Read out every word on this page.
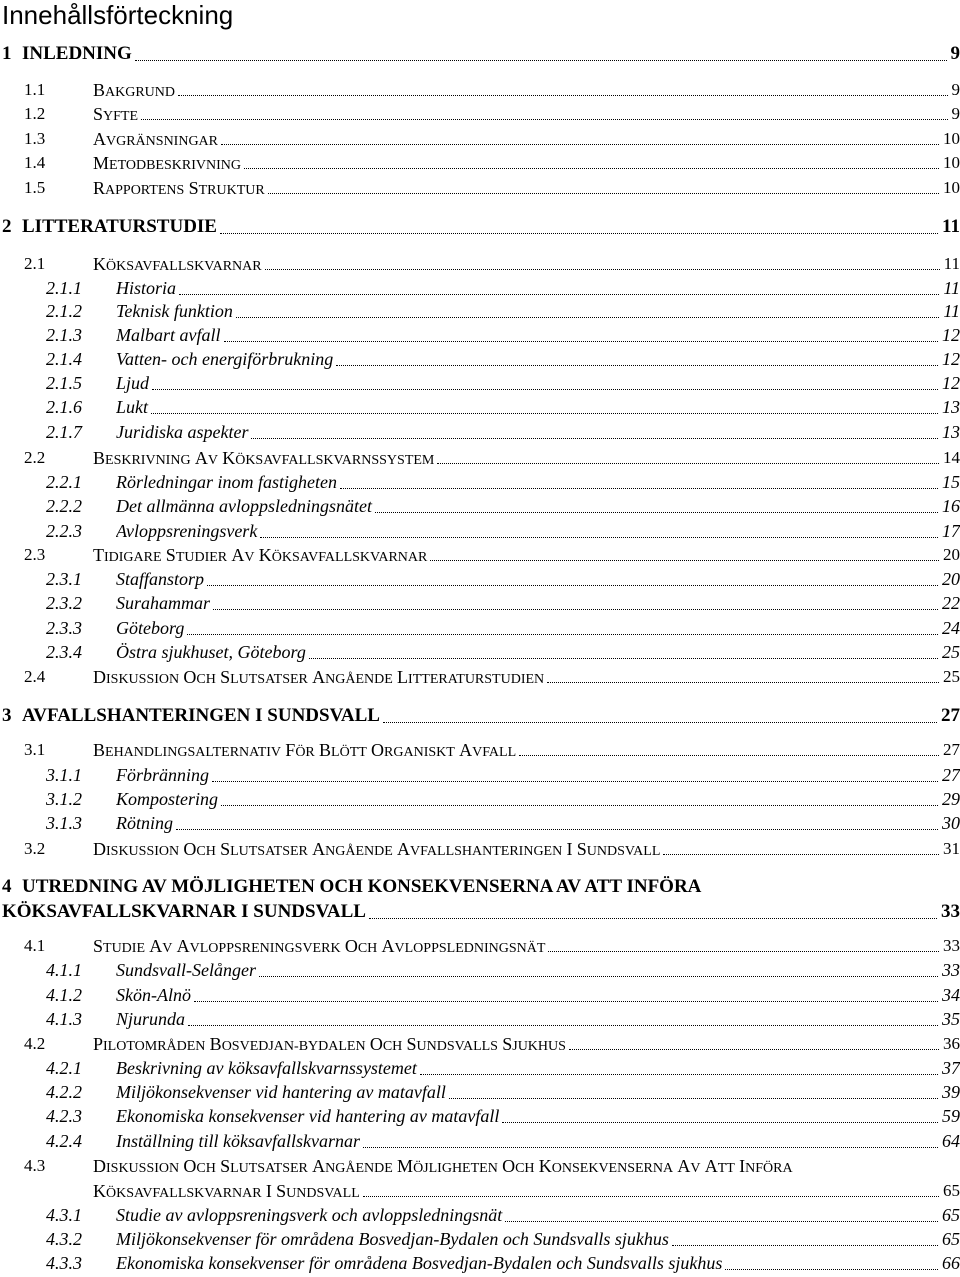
Innehållsförteckning
1 INLEDNING	9
1.1	BAKGRUND	9
1.2	SYFTE	9
1.3	AVGRÄNSNINGAR	10
1.4	METODBESKRIVNING	10
1.5	RAPPORTENS STRUKTUR	10
2 LITTERATURSTUDIE	11
2.1	KÖKSAVFALLSKVARNAR	11
2.1.1 Historia	11
2.1.2 Teknisk funktion	11
2.1.3 Malbart avfall	12
2.1.4 Vatten- och energiförbrukning	12
2.1.5 Ljud	12
2.1.6 Lukt	13
2.1.7 Juridiska aspekter	13
2.2	BESKRIVNING AV KÖKSAVFALLSKVARNSSYSTEM	14
2.2.1 Rörledningar inom fastigheten	15
2.2.2 Det allmänna avloppsledningsnätet	16
2.2.3 Avloppsreningsverk	17
2.3	TIDIGARE STUDIER AV KÖKSAVFALLSKVARNAR	20
2.3.1 Staffanstorp	20
2.3.2 Surahammar	22
2.3.3 Göteborg	24
2.3.4 Östra sjukhuset, Göteborg	25
2.4	DISKUSSION OCH SLUTSATSER ANGÅENDE LITTERATURSTUDIEN	25
3 AVFALLSHANTERINGEN I SUNDSVALL	27
3.1	BEHANDLINGSALTERNATIV FÖR BLÖTT ORGANISKT AVFALL	27
3.1.1 Förbränning	27
3.1.2 Kompostering	29
3.1.3 Rötning	30
3.2	DISKUSSION OCH SLUTSATSER ANGÅENDE AVFALLSHANTERINGEN I SUNDSVALL	31
4 UTREDNING AV MÖJLIGHETEN OCH KONSEKVENSERNA AV ATT INFÖRA
KÖKSAVFALLSKVARNAR I SUNDSVALL	33
4.1	STUDIE AV AVLOPPSRENINGSVERK OCH AVLOPPSLEDNINGSNÄT	33
4.1.1 Sundsvall-Selånger	33
4.1.2 Skön-Alnö	34
4.1.3 Njurunda	35
4.2	PILOTOMRÅDEN BOSVEDJAN-BYDALEN OCH SUNDSVALLS SJUKHUS	36
4.2.1 Beskrivning av köksavfallskvarnssystemet	37
4.2.2 Miljökonsekvenser vid hantering av matavfall	39
4.2.3 Ekonomiska konsekvenser vid hantering av matavfall	59
4.2.4 Inställning till köksavfallskvarnar	64
4.3	DISKUSSION OCH SLUTSATSER ANGÅENDE MÖJLIGHETEN OCH KONSEKVENSERNA AV ATT INFÖRA
KÖKSAVFALLSKVARNAR I SUNDSVALL	65
4.3.1 Studie av avloppsreningsverk och avloppsledningsnät	65
4.3.2 Miljökonsekvenser för områdena Bosvedjan-Bydalen och Sundsvalls sjukhus	65
4.3.3 Ekonomiska konsekvenser för områdena Bosvedjan-Bydalen och Sundsvalls sjukhus	66
